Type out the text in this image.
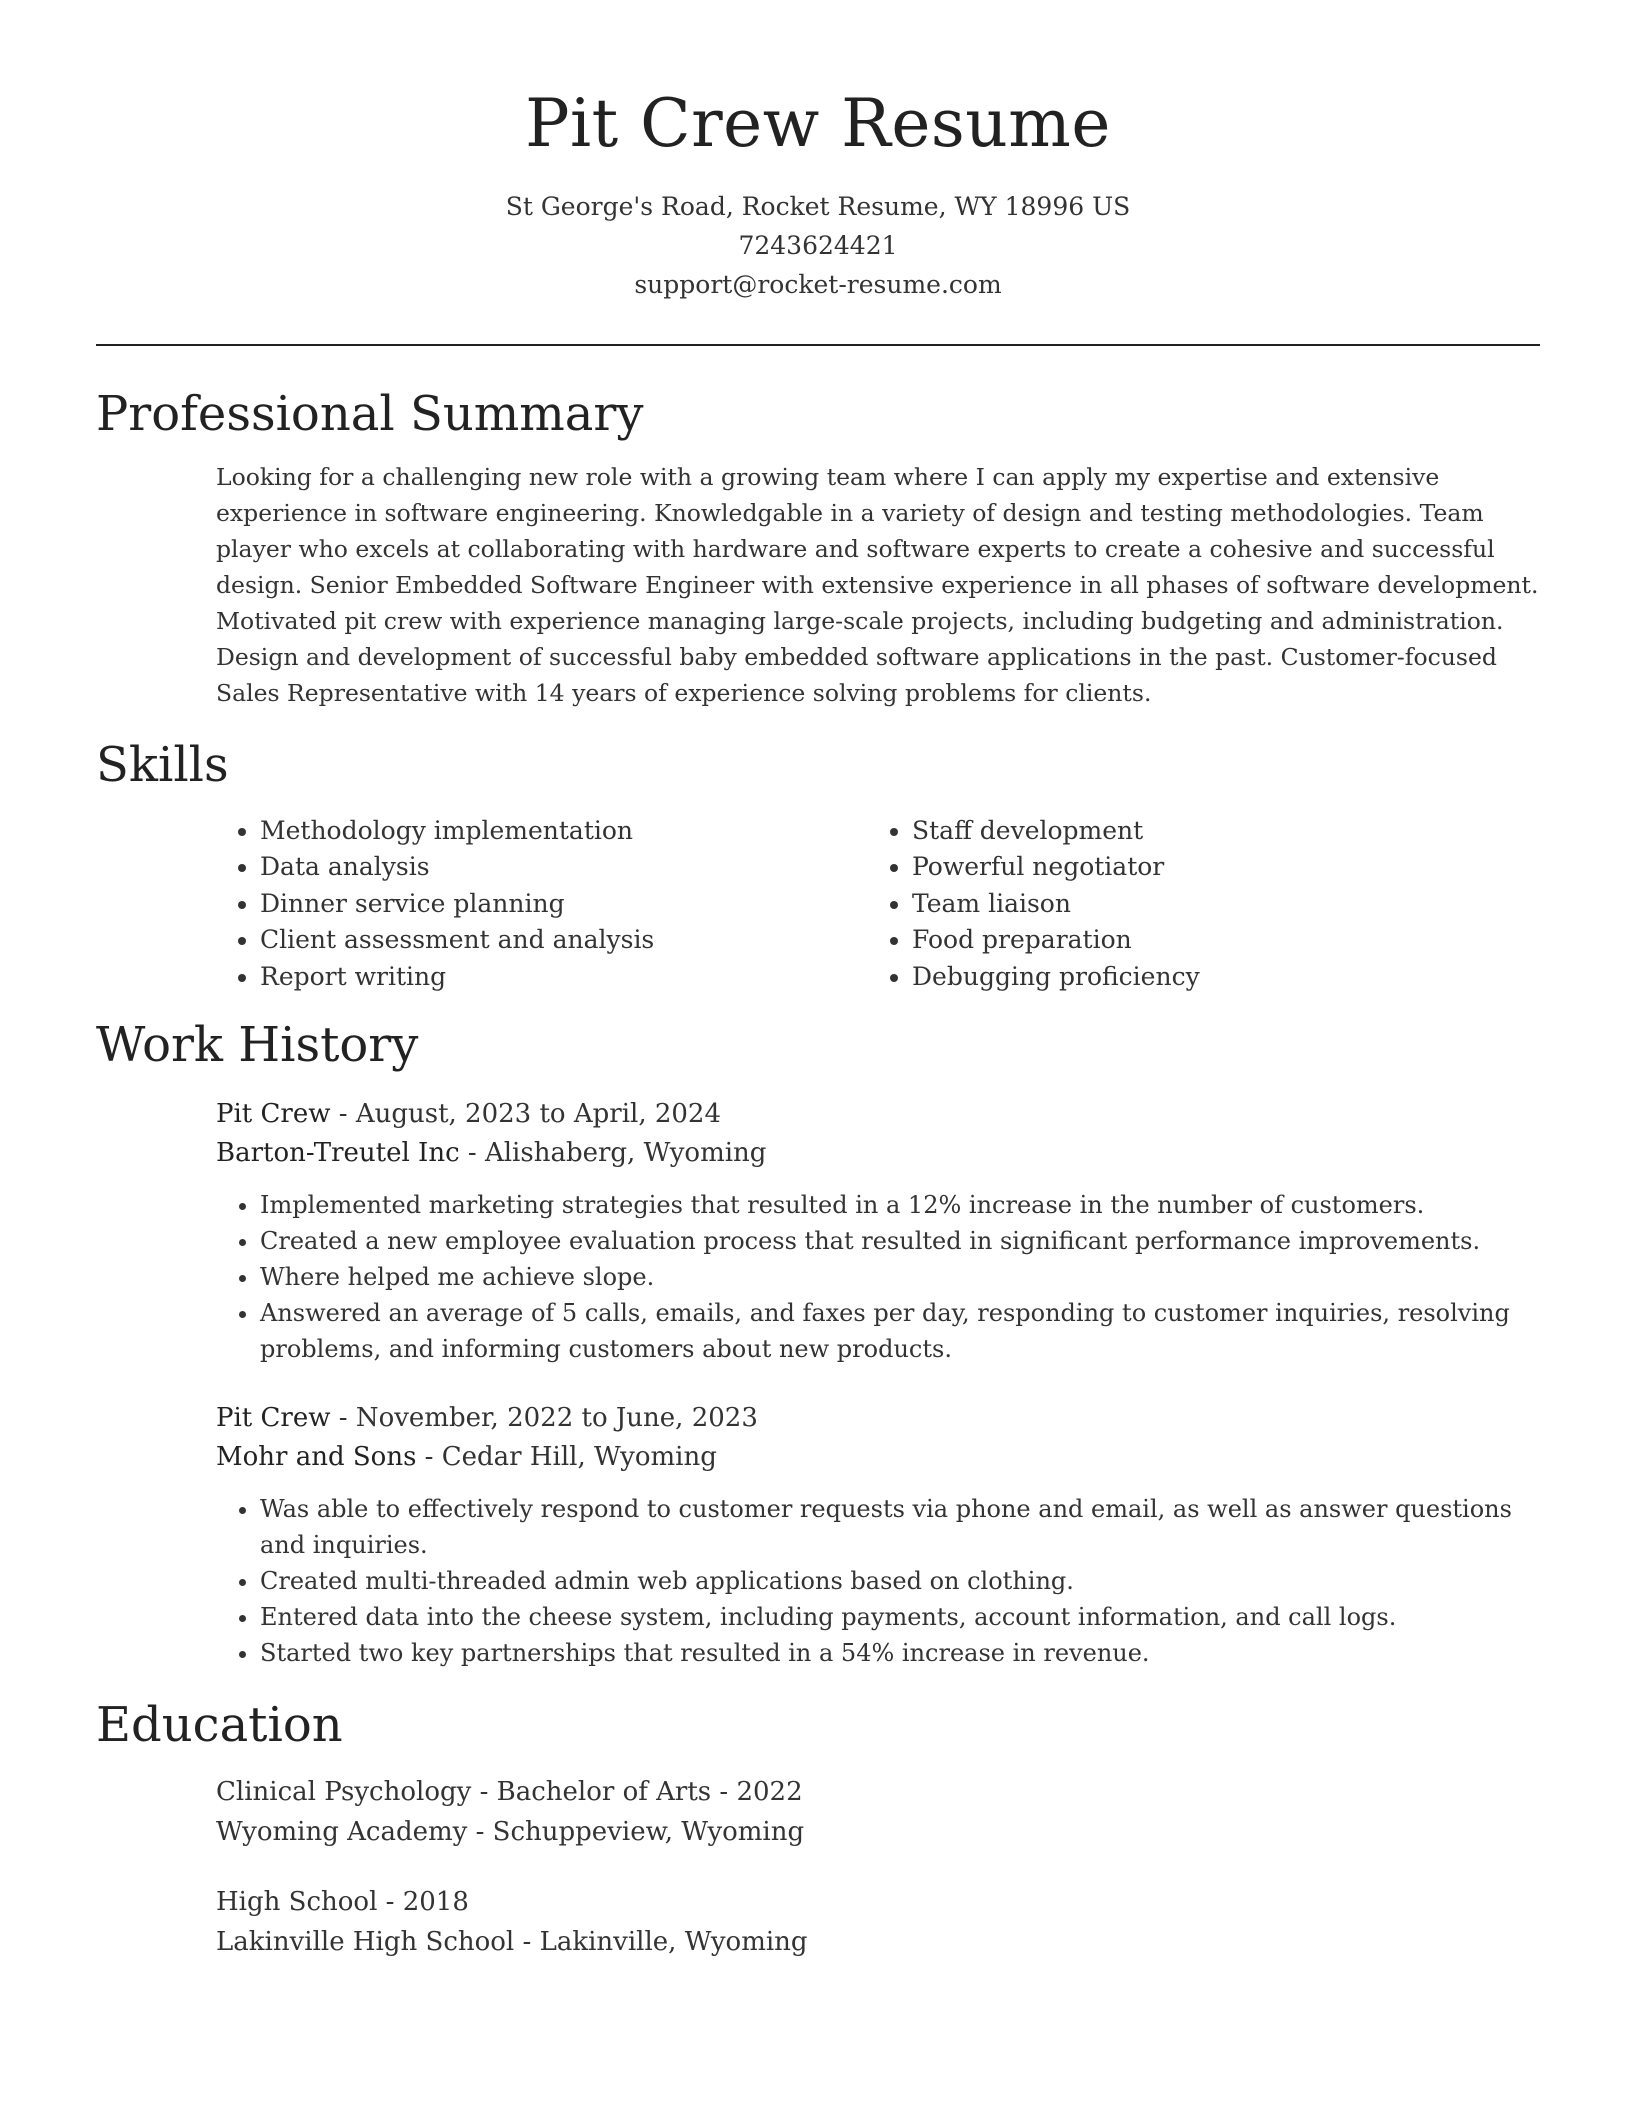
Pit Crew Resume
St George's Road, Rocket Resume, WY 18996 US
7243624421
support@rocket-resume.com
Professional Summary
Looking for a challenging new role with a growing team where I can apply my expertise and extensive experience in software engineering. Knowledgable in a variety of design and testing methodologies. Team player who excels at collaborating with hardware and software experts to create a cohesive and successful design. Senior Embedded Software Engineer with extensive experience in all phases of software development. Motivated pit crew with experience managing large-scale projects, including budgeting and administration. Design and development of successful baby embedded software applications in the past. Customer-focused Sales Representative with 14 years of experience solving problems for clients.
Skills
• Methodology implementation
• Data analysis
• Dinner service planning
• Client assessment and analysis
• Report writing
• Staff development
• Powerful negotiator
• Team liaison
• Food preparation
• Debugging proficiency
Work History
Pit Crew - August, 2023 to April, 2024
Barton-Treutel Inc - Alishaberg, Wyoming
• Implemented marketing strategies that resulted in a 12% increase in the number of customers.
• Created a new employee evaluation process that resulted in significant performance improvements.
• Where helped me achieve slope.
• Answered an average of 5 calls, emails, and faxes per day, responding to customer inquiries, resolving problems, and informing customers about new products.
Pit Crew - November, 2022 to June, 2023
Mohr and Sons - Cedar Hill, Wyoming
• Was able to effectively respond to customer requests via phone and email, as well as answer questions and inquiries.
• Created multi-threaded admin web applications based on clothing.
• Entered data into the cheese system, including payments, account information, and call logs.
• Started two key partnerships that resulted in a 54% increase in revenue.
Education
Clinical Psychology - Bachelor of Arts - 2022
Wyoming Academy - Schuppeview, Wyoming
High School - 2018
Lakinville High School - Lakinville, Wyoming
